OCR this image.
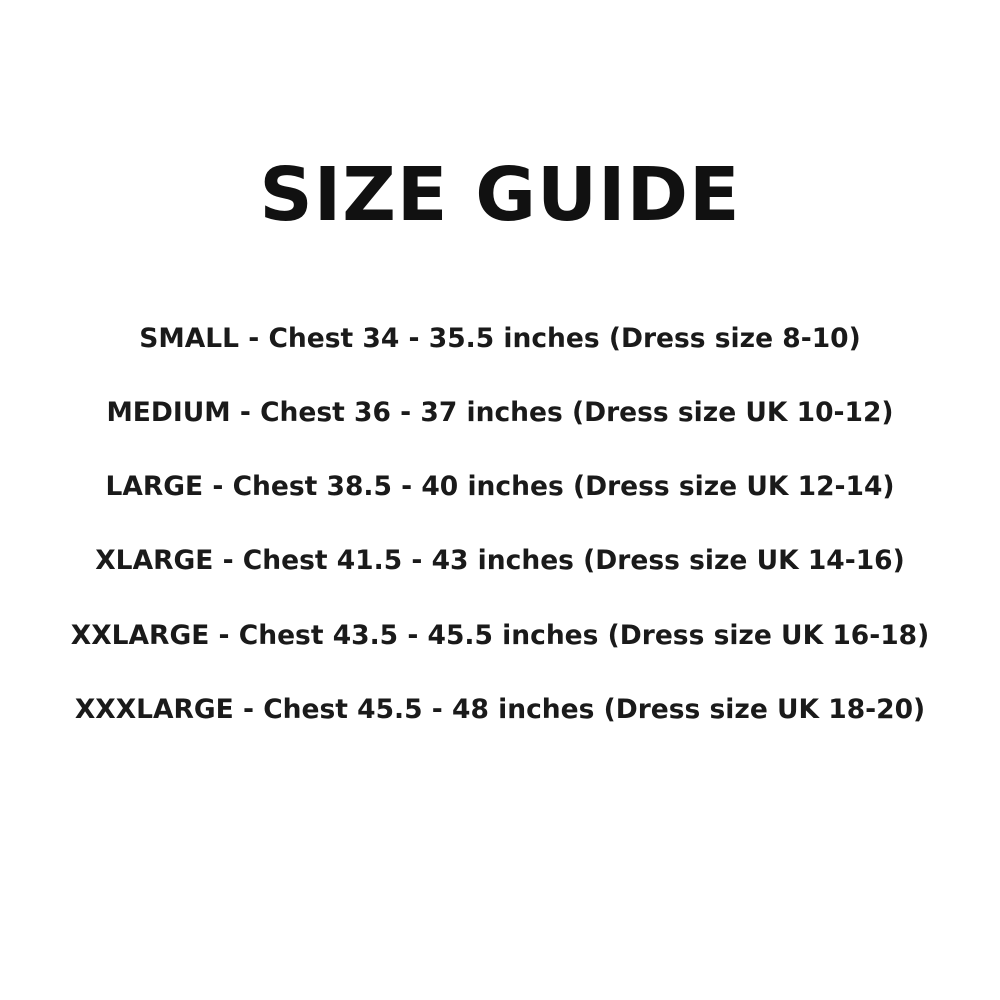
SIZE GUIDE
SMALL - Chest 34 - 35.5 inches (Dress size 8-10)
MEDIUM - Chest 36 - 37 inches (Dress size UK 10-12)
LARGE - Chest 38.5 - 40 inches (Dress size UK 12-14)
XLARGE - Chest 41.5 - 43 inches (Dress size UK 14-16)
XXLARGE - Chest 43.5 - 45.5 inches (Dress size UK 16-18)
XXXLARGE - Chest 45.5 - 48 inches (Dress size UK 18-20)
